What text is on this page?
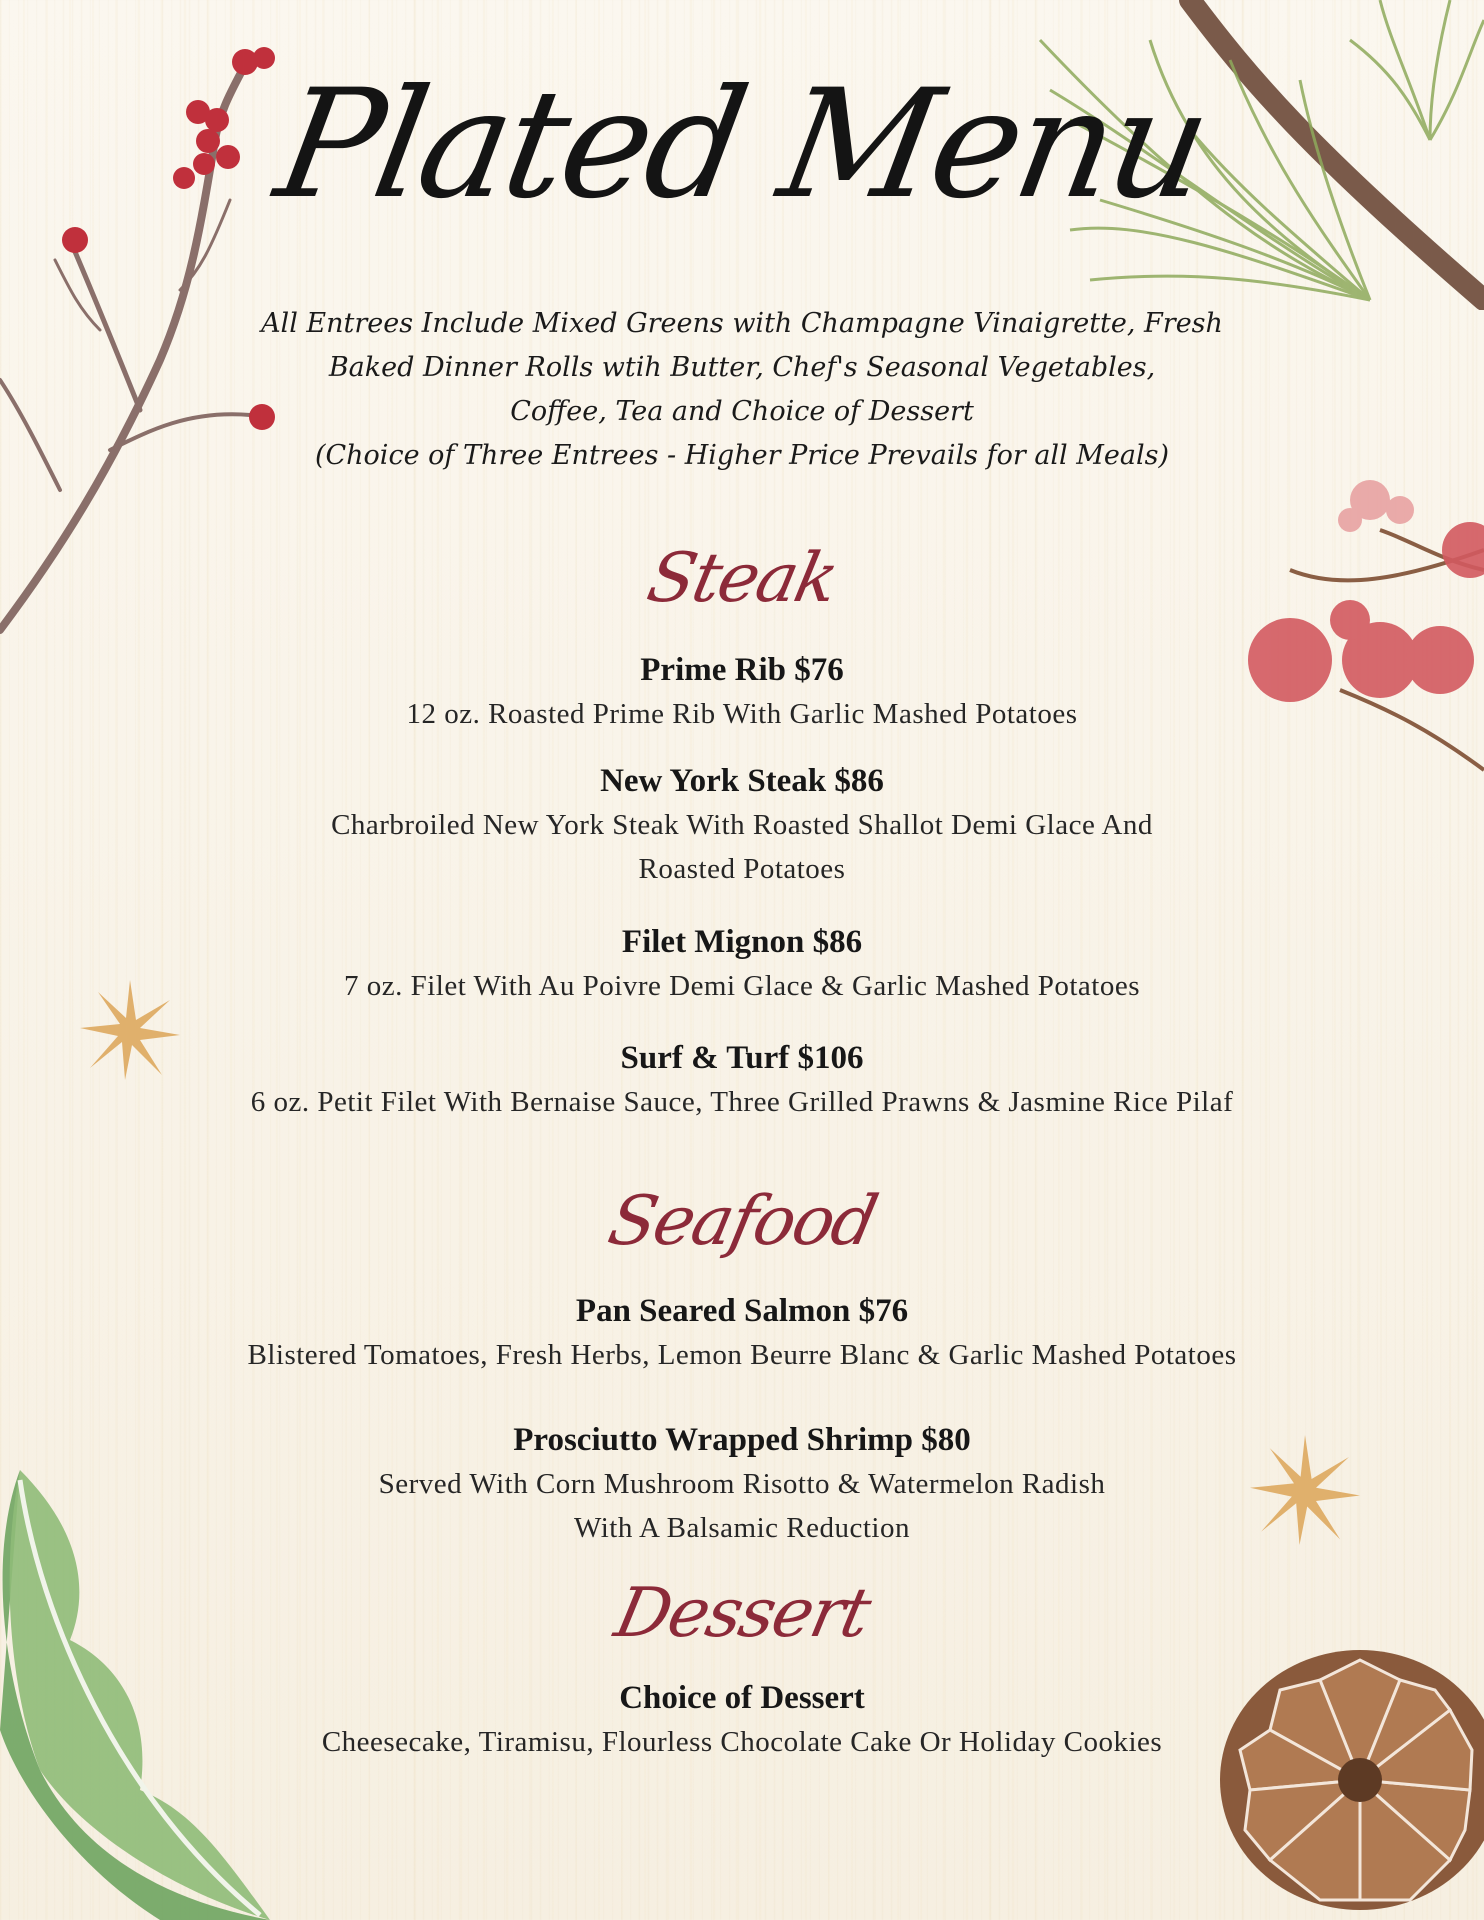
Plated Menu
All Entrees Include Mixed Greens with Champagne Vinaigrette, Fresh
Baked Dinner Rolls wtih Butter, Chef's Seasonal Vegetables,
Coffee, Tea and Choice of Dessert
(Choice of Three Entrees - Higher Price Prevails for all Meals)
Steak
Prime Rib $76
12 oz. Roasted Prime Rib With Garlic Mashed Potatoes
New York Steak $86
Charbroiled New York Steak With Roasted Shallot Demi Glace And
Roasted Potatoes
Filet Mignon $86
7 oz. Filet With Au Poivre Demi Glace & Garlic Mashed Potatoes
Surf & Turf $106
6 oz. Petit Filet With Bernaise Sauce, Three Grilled Prawns & Jasmine Rice Pilaf
Seafood
Pan Seared Salmon $76
Blistered Tomatoes, Fresh Herbs, Lemon Beurre Blanc & Garlic Mashed Potatoes
Prosciutto Wrapped Shrimp $80
Served With Corn Mushroom Risotto & Watermelon Radish
With A Balsamic Reduction
Dessert
Choice of Dessert
Cheesecake, Tiramisu, Flourless Chocolate Cake Or Holiday Cookies
